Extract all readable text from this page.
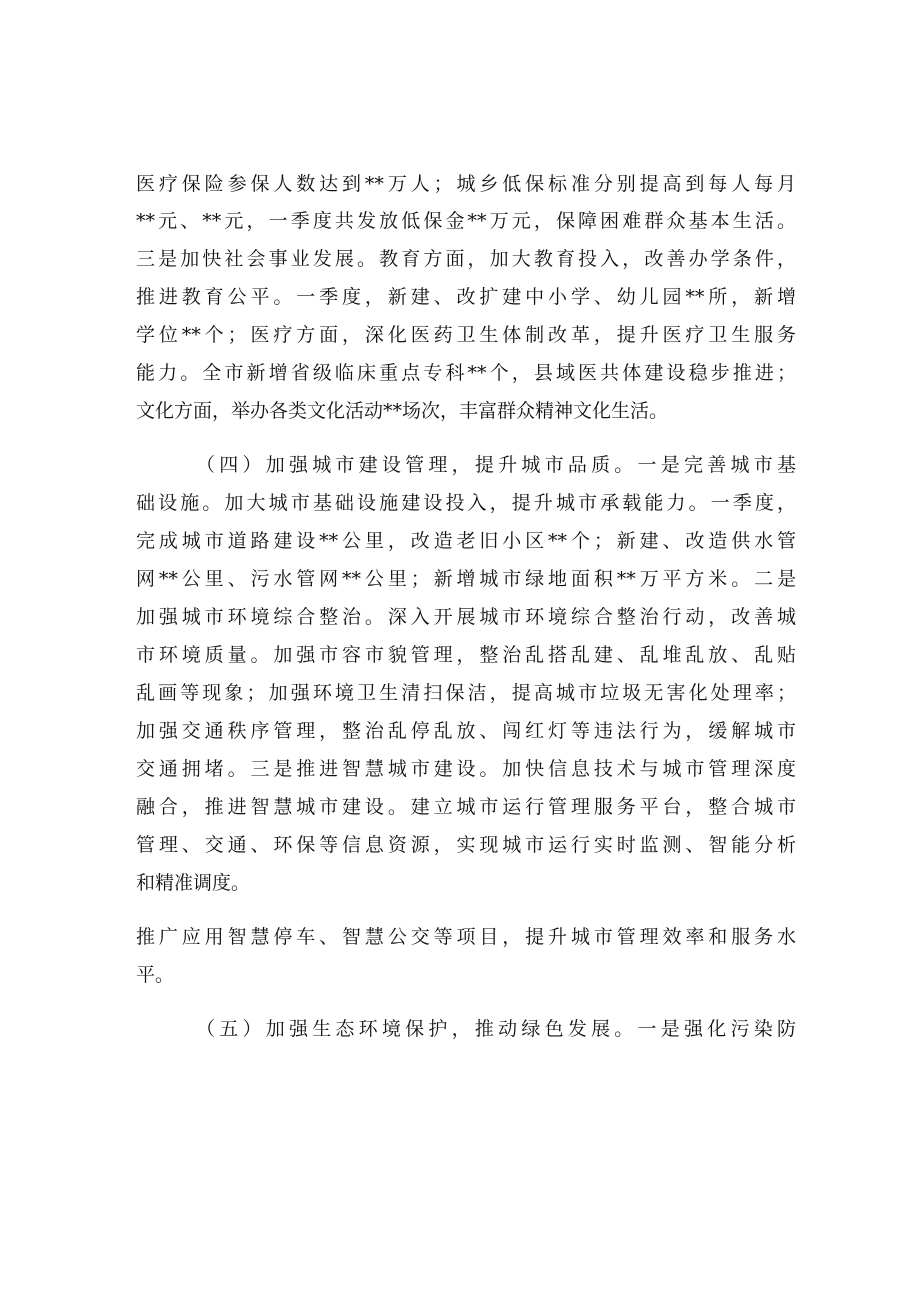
医疗保险参保人数达到**万人；城乡低保标准分别提高到每人每月
**元、**元，一季度共发放低保金**万元，保障困难群众基本生活。
三是加快社会事业发展。教育方面，加大教育投入，改善办学条件，
推进教育公平。一季度，新建、改扩建中小学、幼儿园**所，新增
学位**个；医疗方面，深化医药卫生体制改革，提升医疗卫生服务
能力。全市新增省级临床重点专科**个，县域医共体建设稳步推进；
文化方面，举办各类文化活动**场次，丰富群众精神文化生活。
（四）加强城市建设管理，提升城市品质。一是完善城市基
础设施。加大城市基础设施建设投入，提升城市承载能力。一季度，
完成城市道路建设**公里，改造老旧小区**个；新建、改造供水管
网**公里、污水管网**公里；新增城市绿地面积**万平方米。二是
加强城市环境综合整治。深入开展城市环境综合整治行动，改善城
市环境质量。加强市容市貌管理，整治乱搭乱建、乱堆乱放、乱贴
乱画等现象；加强环境卫生清扫保洁，提高城市垃圾无害化处理率；
加强交通秩序管理，整治乱停乱放、闯红灯等违法行为，缓解城市
交通拥堵。三是推进智慧城市建设。加快信息技术与城市管理深度
融合，推进智慧城市建设。建立城市运行管理服务平台，整合城市
管理、交通、环保等信息资源，实现城市运行实时监测、智能分析
和精准调度。
推广应用智慧停车、智慧公交等项目，提升城市管理效率和服务水
平。
（五）加强生态环境保护，推动绿色发展。一是强化污染防
